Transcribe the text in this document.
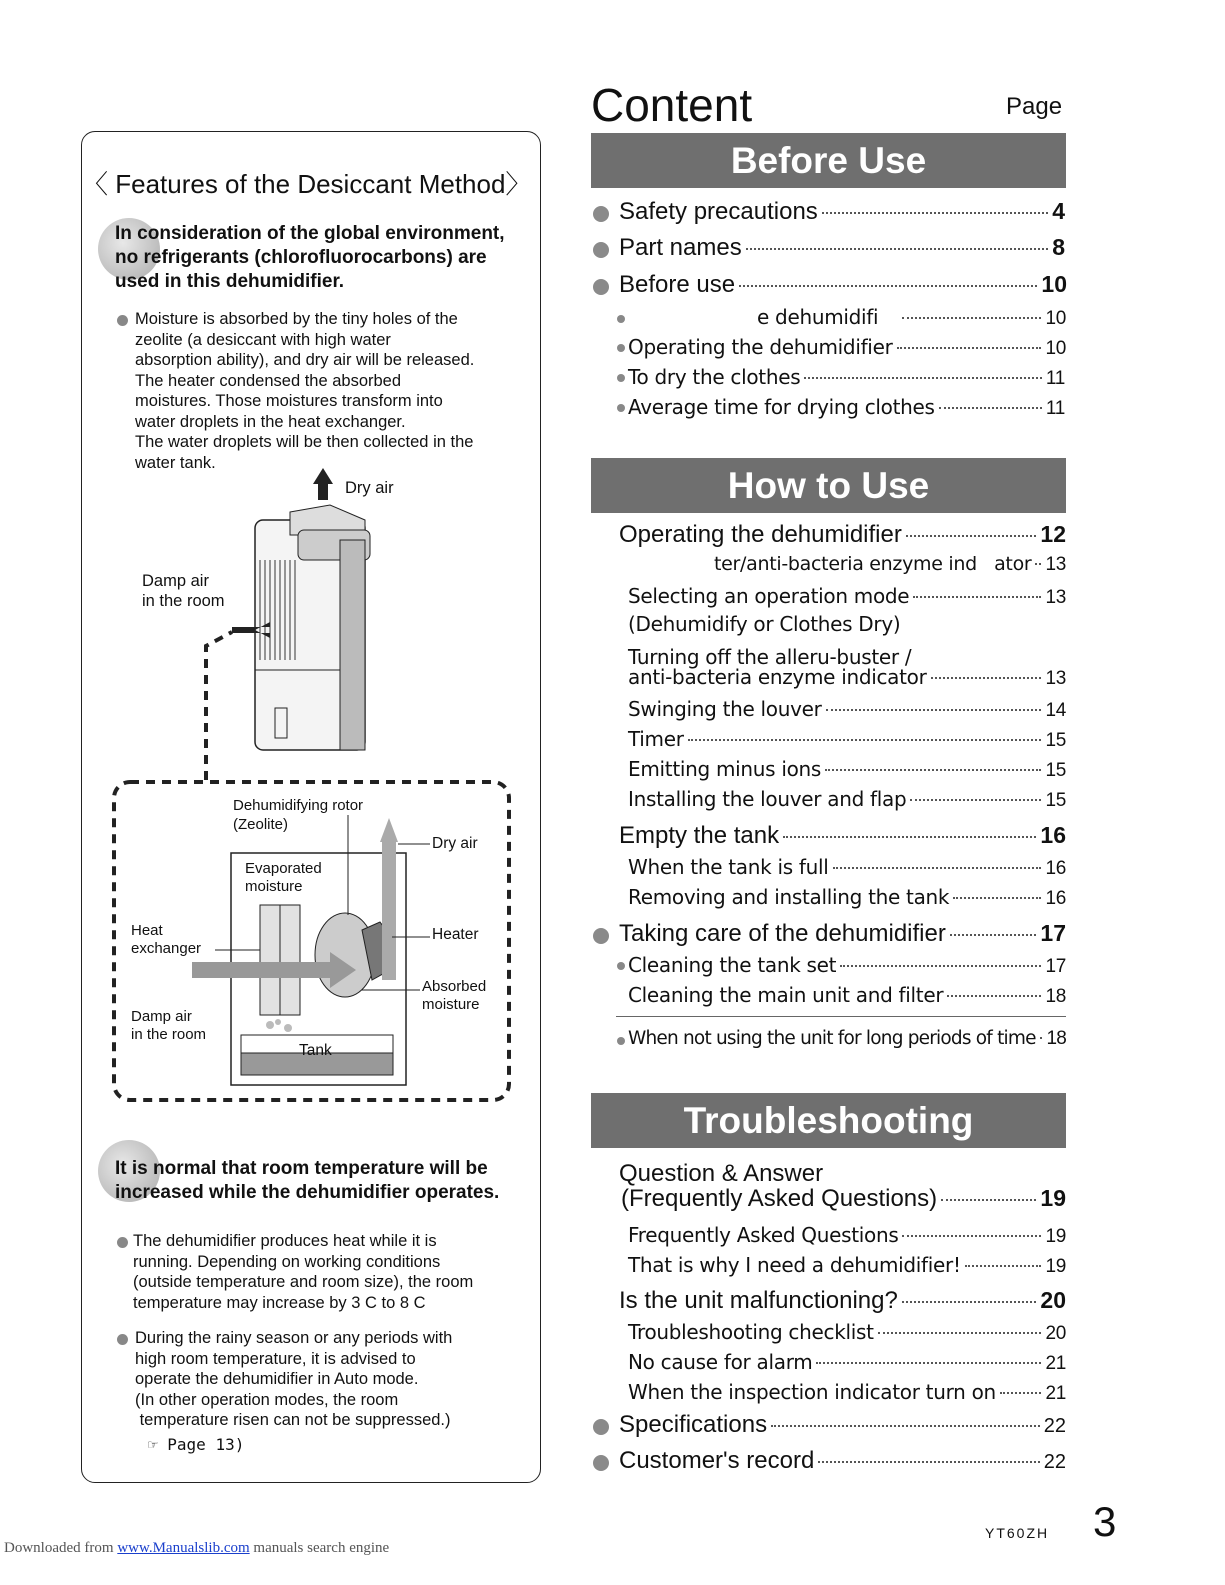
〈 Features of the Desiccant Method〉
In consideration of the global environment,
no refrigerants (chlorofluorocarbons) are
used in this dehumidifier.
Moisture is absorbed by the tiny holes of the
zeolite (a desiccant with high water
absorption ability), and dry air will be released.
The heater condensed the absorbed
moistures. Those moistures transform into
water droplets in the heat exchanger.
The water droplets will be then collected in the
water tank.
Dry air
Damp air
in the room
Dehumidifying rotor
(Zeolite)
Dry air
Evaporated
moisture
Heat
exchanger
Heater
Absorbed
moisture
Damp air
in the room
Tank
It is normal that room temperature will be
increased while the dehumidifier operates.
The dehumidifier produces heat while it is
running. Depending on working conditions
(outside temperature and room size), the room
temperature may increase by 3 C to 8 C
During the rainy season or any periods with
high room temperature, it is advised to
operate the dehumidifier in Auto mode.
(In other operation modes, the room
temperature risen can not be suppressed.)
☞ Page 13)
Content	Page
Before Use
Safety precautions	4
Part names	8
Before use	10
e dehumidifi	10
Operating the dehumidifier	10
To dry the clothes	11
Average time for drying clothes	11
How to Use
Operating the dehumidifier	12
ter/anti-bacteria enzyme ind   ator 13
Selecting an operation mode	13
(Dehumidify or Clothes Dry)
Turning off the alleru-buster /
anti-bacteria enzyme indicator	13
Swinging the louver	14
Timer	15
Emitting minus ions	15
Installing the louver and flap	15
Empty the tank	16
When the tank is full	16
Removing and installing the tank	16
Taking care of the dehumidifier	17
Cleaning the tank set	17
Cleaning the main unit and filter	18
When not using the unit for long periods of time 18
Troubleshooting
Question & Answer
(Frequently Asked Questions)	19
Frequently Asked Questions	19
That is why I need a dehumidifier!	19
Is the unit malfunctioning?	20
Troubleshooting checklist	20
No cause for alarm	21
When the inspection indicator turn on	21
Specifications	22
Customer's record	22
YT60ZH 3
Downloaded from www.Manualslib.com manuals search engine
